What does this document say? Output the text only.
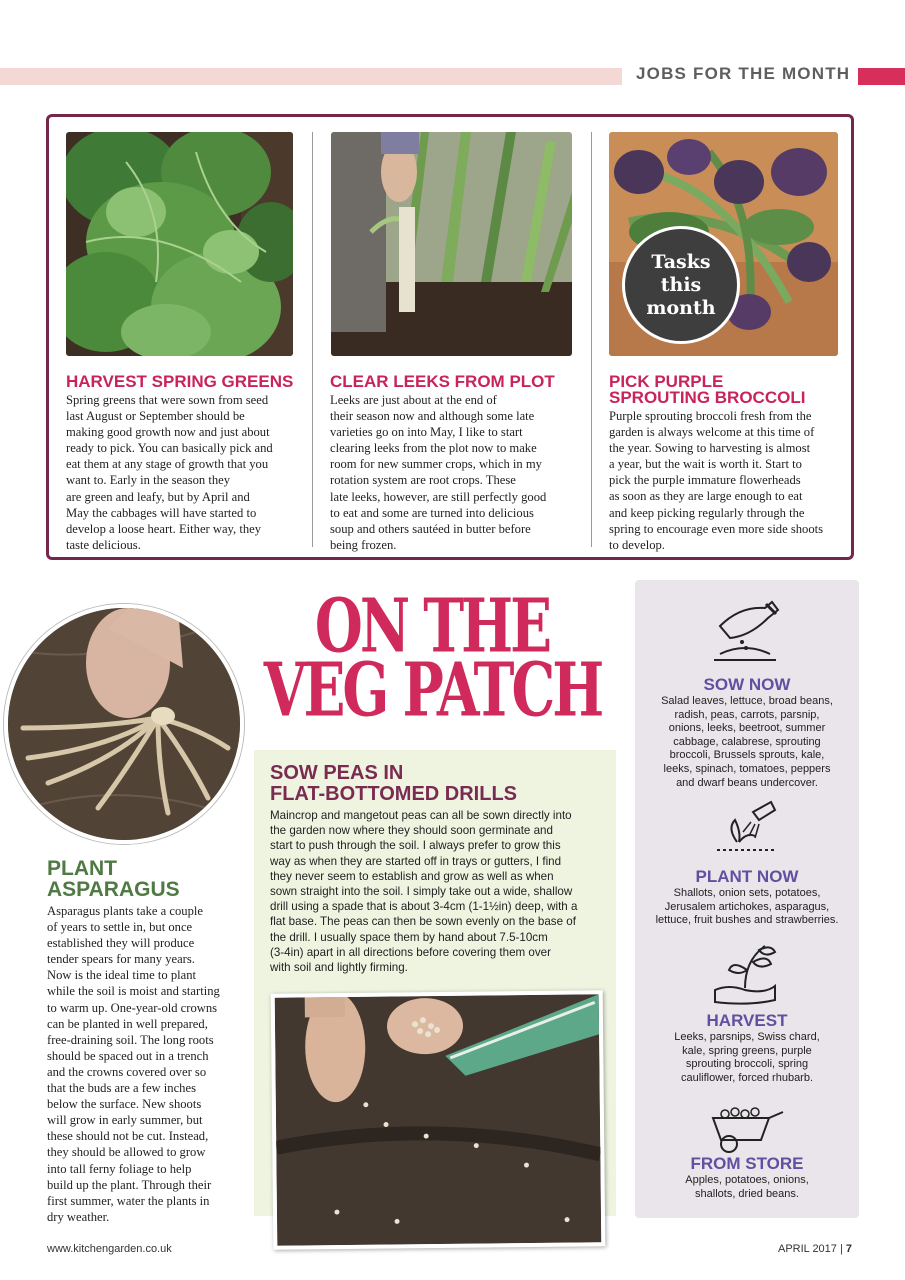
JOBS FOR THE MONTH
Tasks
this
month
HARVEST SPRING GREENS
Spring greens that were sown from seed
last August or September should be
making good growth now and just about
ready to pick. You can basically pick and
eat them at any stage of growth that you
want to. Early in the season they
are green and leafy, but by April and
May the cabbages will have started to
develop a loose heart. Either way, they
taste delicious.
CLEAR LEEKS FROM PLOT
Leeks are just about at the end of
their season now and although some late
varieties go on into May, I like to start
clearing leeks from the plot now to make
room for new summer crops, which in my
rotation system are root crops. These
late leeks, however, are still perfectly good
to eat and some are turned into delicious
soup and others sautéed in butter before
being frozen.
PICK PURPLE
SPROUTING BROCCOLI
Purple sprouting broccoli fresh from the
garden is always welcome at this time of
the year. Sowing to harvesting is almost
a year, but the wait is worth it. Start to
pick the purple immature flowerheads
as soon as they are large enough to eat
and keep picking regularly through the
spring to encourage even more side shoots
to develop.
ON THE
VEG PATCH
PLANT
ASPARAGUS
Asparagus plants take a couple
of years to settle in, but once
established they will produce
tender spears for many years.
Now is the ideal time to plant
while the soil is moist and starting
to warm up. One-year-old crowns
can be planted in well prepared,
free-draining soil. The long roots
should be spaced out in a trench
and the crowns covered over so
that the buds are a few inches
below the surface. New shoots
will grow in early summer, but
these should not be cut. Instead,
they should be allowed to grow
into tall ferny foliage to help
build up the plant. Through their
first summer, water the plants in
dry weather.
SOW PEAS IN
FLAT-BOTTOMED DRILLS
Maincrop and mangetout peas can all be sown directly into
the garden now where they should soon germinate and
start to push through the soil. I always prefer to grow this
way as when they are started off in trays or gutters, I find
they never seem to establish and grow as well as when
sown straight into the soil. I simply take out a wide, shallow
drill using a spade that is about 3-4cm (1-1½in) deep, with a
flat base. The peas can then be sown evenly on the base of
the drill. I usually space them by hand about 7.5-10cm
(3-4in) apart in all directions before covering them over
with soil and lightly firming.
SOW NOW
Salad leaves, lettuce, broad beans,
radish, peas, carrots, parsnip,
onions, leeks, beetroot, summer
cabbage, calabrese, sprouting
broccoli, Brussels sprouts, kale,
leeks, spinach, tomatoes, peppers
and dwarf beans undercover.
PLANT NOW
Shallots, onion sets, potatoes,
Jerusalem artichokes, asparagus,
lettuce, fruit bushes and strawberries.
HARVEST
Leeks, parsnips, Swiss chard,
kale, spring greens, purple
sprouting broccoli, spring
cauliflower, forced rhubarb.
FROM STORE
Apples, potatoes, onions,
shallots, dried beans.
www.kitchengarden.co.uk	APRIL 2017 | 7
